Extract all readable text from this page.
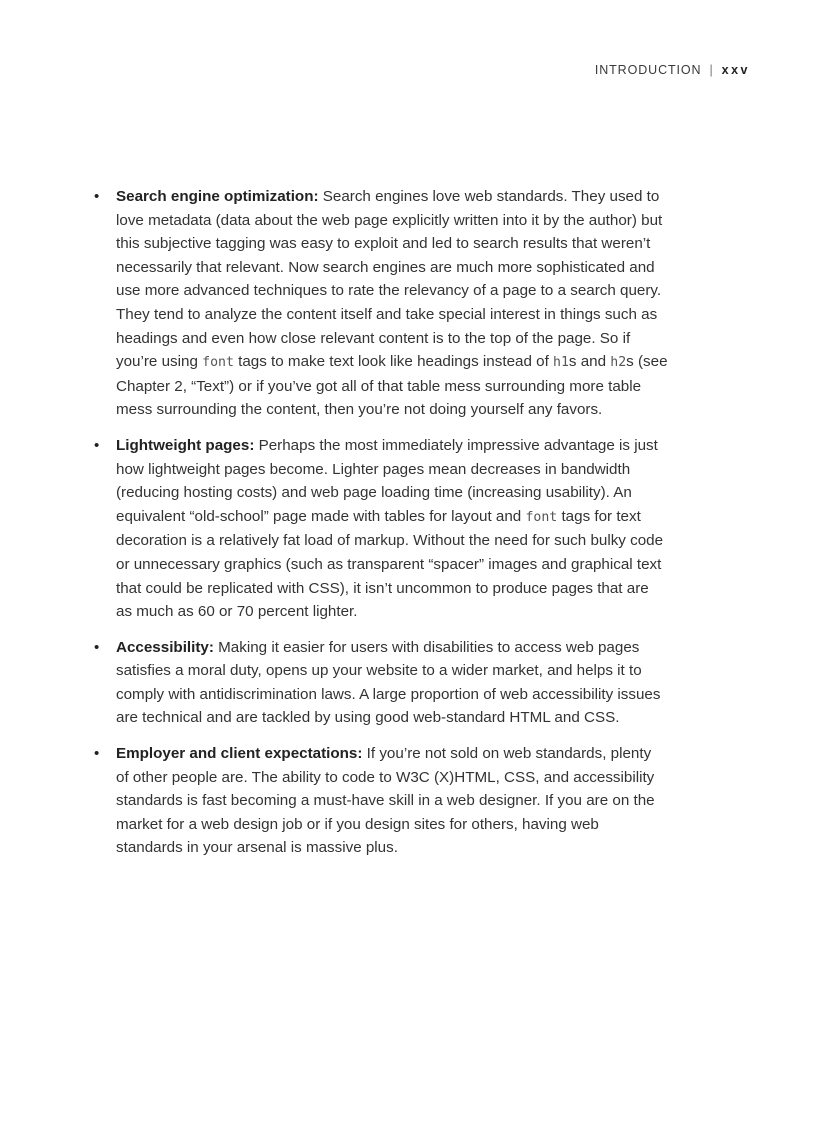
INTRODUCTION | xxv
• Search engine optimization: Search engines love web standards. They used to love metadata (data about the web page explicitly written into it by the author) but this subjective tagging was easy to exploit and led to search results that weren’t necessarily that relevant. Now search engines are much more sophisticated and use more advanced techniques to rate the relevancy of a page to a search query. They tend to analyze the content itself and take special interest in things such as headings and even how close relevant content is to the top of the page. So if you’re using font tags to make text look like headings instead of h1s and h2s (see Chapter 2, “Text”) or if you’ve got all of that table mess surrounding more table mess surrounding the content, then you’re not doing yourself any favors.
• Lightweight pages: Perhaps the most immediately impressive advantage is just how lightweight pages become. Lighter pages mean decreases in bandwidth (reducing hosting costs) and web page loading time (increasing usability). An equivalent “old-school” page made with tables for layout and font tags for text decoration is a relatively fat load of markup. Without the need for such bulky code or unnecessary graphics (such as transparent “spacer” images and graphical text that could be replicated with CSS), it isn’t uncommon to produce pages that are as much as 60 or 70 percent lighter.
• Accessibility: Making it easier for users with disabilities to access web pages satisfies a moral duty, opens up your website to a wider market, and helps it to comply with antidiscrimination laws. A large proportion of web accessibility issues are technical and are tackled by using good web-standard HTML and CSS.
• Employer and client expectations: If you’re not sold on web standards, plenty of other people are. The ability to code to W3C (X)HTML, CSS, and accessibility standards is fast becoming a must-have skill in a web designer. If you are on the market for a web design job or if you design sites for others, having web standards in your arsenal is massive plus.
